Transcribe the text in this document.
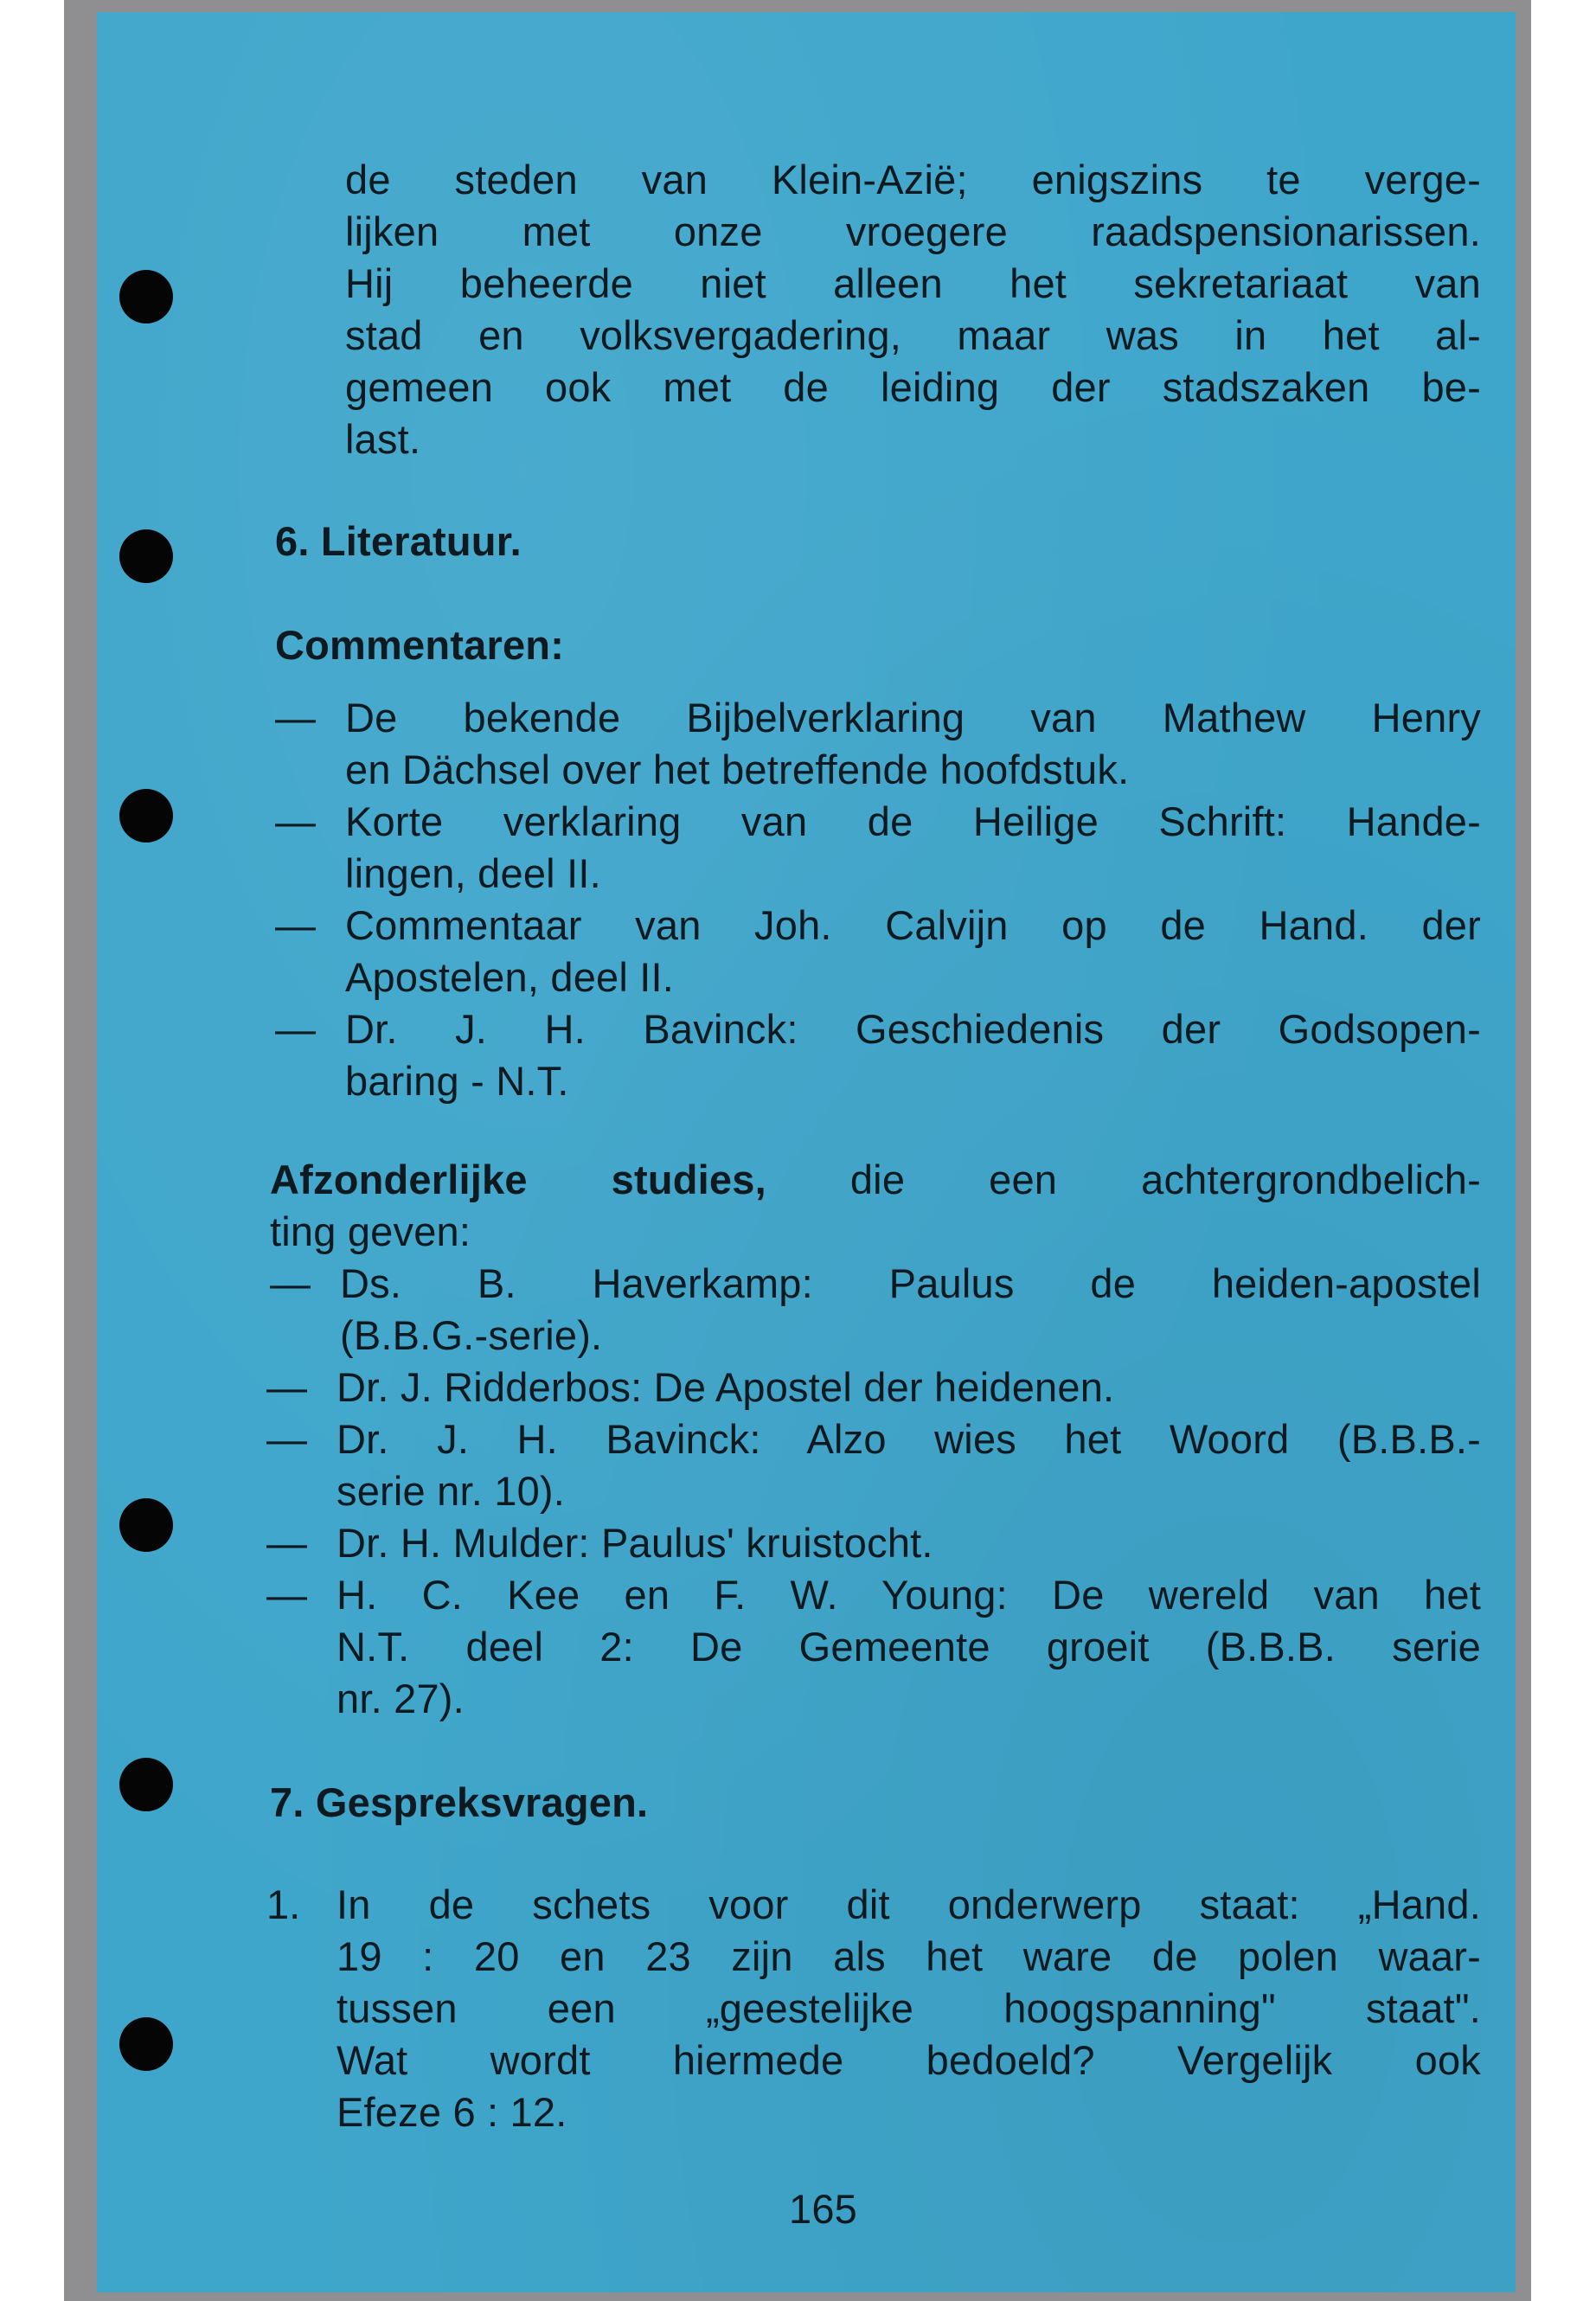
de steden van Klein-Azië; enigszins te verge-
lijken met onze vroegere raadspensionarissen.
Hij beheerde niet alleen het sekretariaat van
stad en volksvergadering, maar was in het al-
gemeen ook met de leiding der stadszaken be-
last.
6. Literatuur.
Commentaren:
— De bekende Bijbelverklaring van Mathew Henry
en Dächsel over het betreffende hoofdstuk.
— Korte verklaring van de Heilige Schrift: Hande-
lingen, deel II.
— Commentaar van Joh. Calvijn op de Hand. der
Apostelen, deel II.
— Dr. J. H. Bavinck: Geschiedenis der Godsopen-
baring - N.T.
Afzonderlijke studies, die een achtergrondbelich-
ting geven:
— Ds. B. Haverkamp: Paulus de heiden-apostel
(B.B.G.-serie).
— Dr. J. Ridderbos: De Apostel der heidenen.
— Dr. J. H. Bavinck: Alzo wies het Woord (B.B.B.-
serie nr. 10).
— Dr. H. Mulder: Paulus' kruistocht.
— H. C. Kee en F. W. Young: De wereld van het
N.T. deel 2: De Gemeente groeit (B.B.B. serie
nr. 27).
7. Gespreksvragen.
1. In de schets voor dit onderwerp staat: „Hand.
19 : 20 en 23 zijn als het ware de polen waar-
tussen een „geestelijke hoogspanning" staat".
Wat wordt hiermede bedoeld? Vergelijk ook
Efeze 6 : 12.
165
